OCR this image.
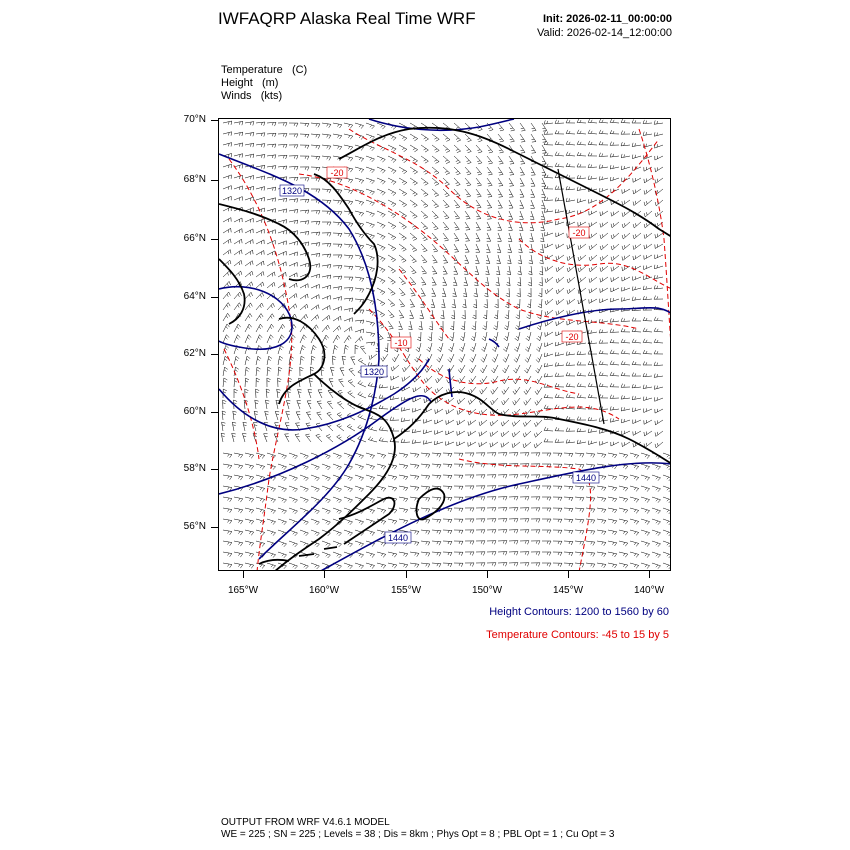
IWFAQRP Alaska Real Time WRF	Init: 2026-02-11_00:00:00
Valid: 2026-02-14_12:00:00
Temperature (C)
Height (m)
Winds (kts)
70°N
68°N
66°N
64°N
62°N
60°N
58°N
56°N
165°W	160°W	155°W	150°W	145°W	140°W
1320
1320
1440
1440
-20
-10
-20
-20
Height Contours: 1200 to 1560 by 60
Temperature Contours: -45 to 15 by 5
OUTPUT FROM WRF V4.6.1 MODEL
WE = 225 ; SN = 225 ; Levels = 38 ; Dis = 8km ; Phys Opt = 8 ; PBL Opt = 1 ; Cu Opt = 3
